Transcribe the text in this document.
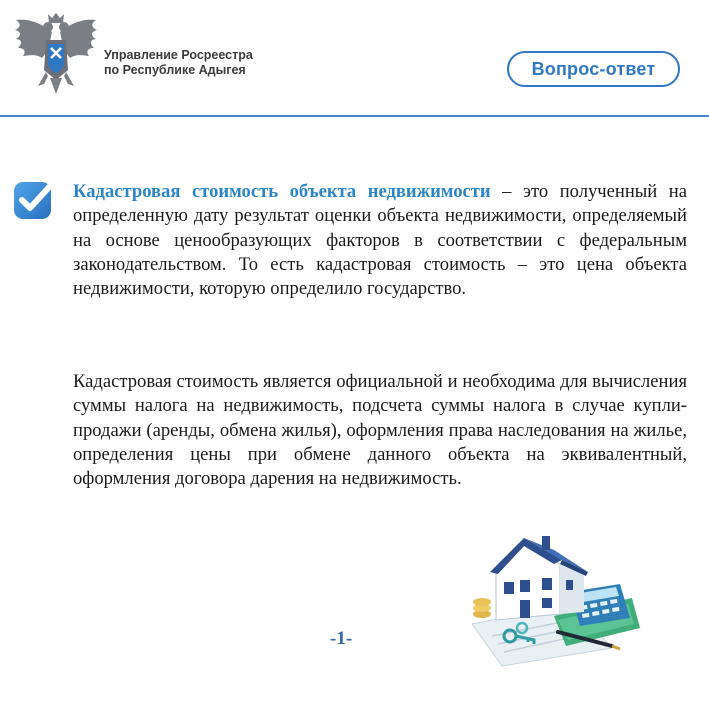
Управление Росреестра
по Республике Адыгея	Вопрос-ответ

Кадастровая стоимость объекта недвижимости – это полученный на определенную дату результат оценки объекта недвижимости, определяемый на основе ценообразующих факторов в соответствии с федеральным законодательством. То есть кадастровая стоимость – это цена объекта недвижимости, которую определило государство.

Кадастровая стоимость является официальной и необходима для вычисления суммы налога на недвижимость, подсчета суммы налога в случае купли-продажи (аренды, обмена жилья), оформления права наследования на жилье, определения цены при обмене данного объекта на эквивалентный, оформления договора дарения на недвижимость.

-1-
